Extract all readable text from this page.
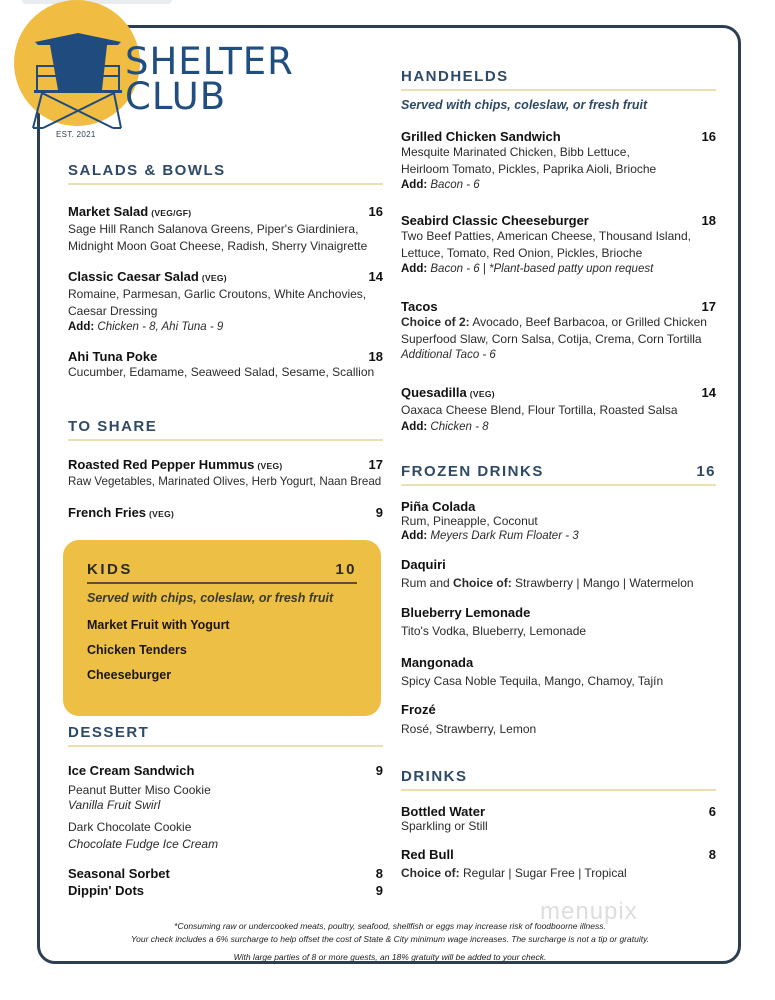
SHELTER
CLUB
EST. 2021
SALADS & BOWLS
Market Salad (VEG/GF)	16
Sage Hill Ranch Salanova Greens, Piper's Giardiniera,
Midnight Moon Goat Cheese, Radish, Sherry Vinaigrette
Classic Caesar Salad (VEG)	14
Romaine, Parmesan, Garlic Croutons, White Anchovies,
Caesar Dressing
Add: Chicken - 8, Ahi Tuna - 9
Ahi Tuna Poke	18
Cucumber, Edamame, Seaweed Salad, Sesame, Scallion
TO SHARE
Roasted Red Pepper Hummus (VEG)	17
Raw Vegetables, Marinated Olives, Herb Yogurt, Naan Bread
French Fries (VEG)	9
KIDS	10
Served with chips, coleslaw, or fresh fruit
Market Fruit with Yogurt
Chicken Tenders
Cheeseburger
DESSERT
Ice Cream Sandwich	9
Peanut Butter Miso Cookie
Vanilla Fruit Swirl
Dark Chocolate Cookie
Chocolate Fudge Ice Cream
Seasonal Sorbet	8
Dippin' Dots	9
HANDHELDS
Served with chips, coleslaw, or fresh fruit
Grilled Chicken Sandwich	16
Mesquite Marinated Chicken, Bibb Lettuce,
Heirloom Tomato, Pickles, Paprika Aioli, Brioche
Add: Bacon - 6
Seabird Classic Cheeseburger	18
Two Beef Patties, American Cheese, Thousand Island,
Lettuce, Tomato, Red Onion, Pickles, Brioche
Add: Bacon - 6 | *Plant-based patty upon request
Tacos	17
Choice of 2: Avocado, Beef Barbacoa, or Grilled Chicken
Superfood Slaw, Corn Salsa, Cotija, Crema, Corn Tortilla
Additional Taco - 6
Quesadilla (VEG)	14
Oaxaca Cheese Blend, Flour Tortilla, Roasted Salsa
Add: Chicken - 8
FROZEN DRINKS	16
Piña Colada
Rum, Pineapple, Coconut
Add: Meyers Dark Rum Floater - 3
Daquiri
Rum and Choice of: Strawberry | Mango | Watermelon
Blueberry Lemonade
Tito's Vodka, Blueberry, Lemonade
Mangonada
Spicy Casa Noble Tequila, Mango, Chamoy, Tajín
Frozé
Rosé, Strawberry, Lemon
DRINKS
Bottled Water	6
Sparkling or Still
Red Bull	8
Choice of: Regular | Sugar Free | Tropical
menupix
*Consuming raw or undercooked meats, poultry, seafood, shellfish or eggs may increase risk of foodboorne illness.
Your check includes a 6% surcharge to help offset the cost of State & City minimum wage increases. The surcharge is not a tip or gratuity.
With large parties of 8 or more guests, an 18% gratuity will be added to your check.
